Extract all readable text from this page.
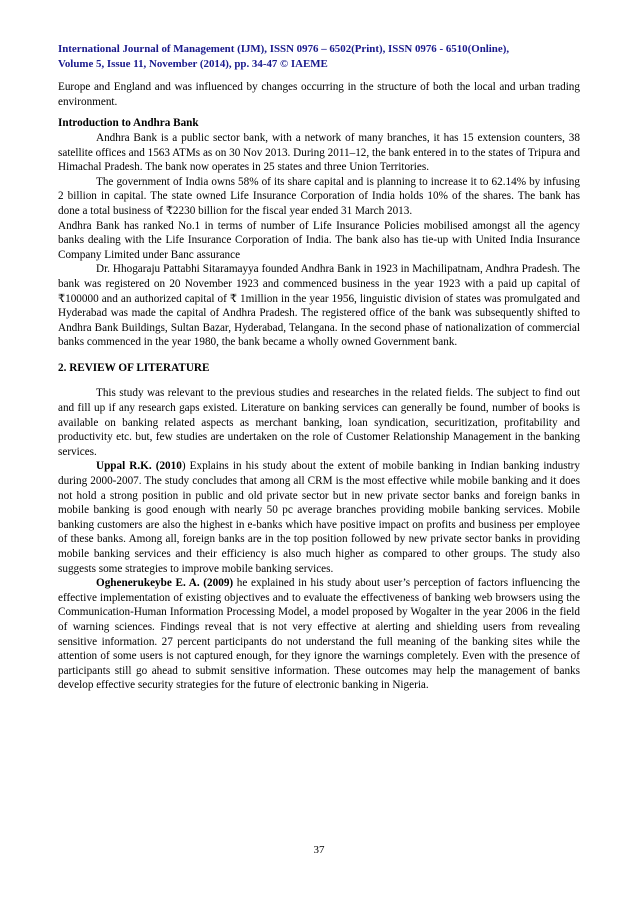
International Journal of Management (IJM), ISSN 0976 – 6502(Print), ISSN 0976 - 6510(Online),
Volume 5, Issue 11, November (2014), pp. 34-47 © IAEME

Europe and England and was influenced by changes occurring in the structure of both the local and urban trading environment.

Introduction to Andhra Bank

Andhra Bank is a public sector bank, with a network of many branches, it has 15 extension counters, 38 satellite offices and 1563 ATMs as on 30 Nov 2013. During 2011–12, the bank entered in to the states of Tripura and Himachal Pradesh. The bank now operates in 25 states and three Union Territories.

The government of India owns 58% of its share capital and is planning to increase it to 62.14% by infusing 2 billion in capital. The state owned Life Insurance Corporation of India holds 10% of the shares. The bank has done a total business of ₹2230 billion for the fiscal year ended 31 March 2013.

Andhra Bank has ranked No.1 in terms of number of Life Insurance Policies mobilised amongst all the agency banks dealing with the Life Insurance Corporation of India. The bank also has tie-up with United India Insurance Company Limited under Banc assurance

Dr. Hhogaraju Pattabhi Sitaramayya founded Andhra Bank in 1923 in Machilipatnam, Andhra Pradesh. The bank was registered on 20 November 1923 and commenced business in the year 1923 with a paid up capital of ₹100000 and an authorized capital of ₹ 1million in the year 1956, linguistic division of states was promulgated and Hyderabad was made the capital of Andhra Pradesh. The registered office of the bank was subsequently shifted to Andhra Bank Buildings, Sultan Bazar, Hyderabad, Telangana. In the second phase of nationalization of commercial banks commenced in the year 1980, the bank became a wholly owned Government bank.

2. REVIEW OF LITERATURE

This study was relevant to the previous studies and researches in the related fields. The subject to find out and fill up if any research gaps existed. Literature on banking services can generally be found, number of books is available on banking related aspects as merchant banking, loan syndication, securitization, profitability and productivity etc. but, few studies are undertaken on the role of Customer Relationship Management in the banking services.

Uppal R.K. (2010) Explains in his study about the extent of mobile banking in Indian banking industry during 2000-2007. The study concludes that among all CRM is the most effective while mobile banking and it does not hold a strong position in public and old private sector but in new private sector banks and foreign banks in mobile banking is good enough with nearly 50 pc average branches providing mobile banking services. Mobile banking customers are also the highest in e-banks which have positive impact on profits and business per employee of these banks. Among all, foreign banks are in the top position followed by new private sector banks in providing mobile banking services and their efficiency is also much higher as compared to other groups. The study also suggests some strategies to improve mobile banking services.

Oghenerukeybe E. A. (2009) he explained in his study about user’s perception of factors influencing the effective implementation of existing objectives and to evaluate the effectiveness of banking web browsers using the Communication-Human Information Processing Model, a model proposed by Wogalter in the year 2006 in the field of warning sciences. Findings reveal that is not very effective at alerting and shielding users from revealing sensitive information. 27 percent participants do not understand the full meaning of the banking sites while the attention of some users is not captured enough, for they ignore the warnings completely. Even with the presence of participants still go ahead to submit sensitive information. These outcomes may help the management of banks develop effective security strategies for the future of electronic banking in Nigeria.

37
